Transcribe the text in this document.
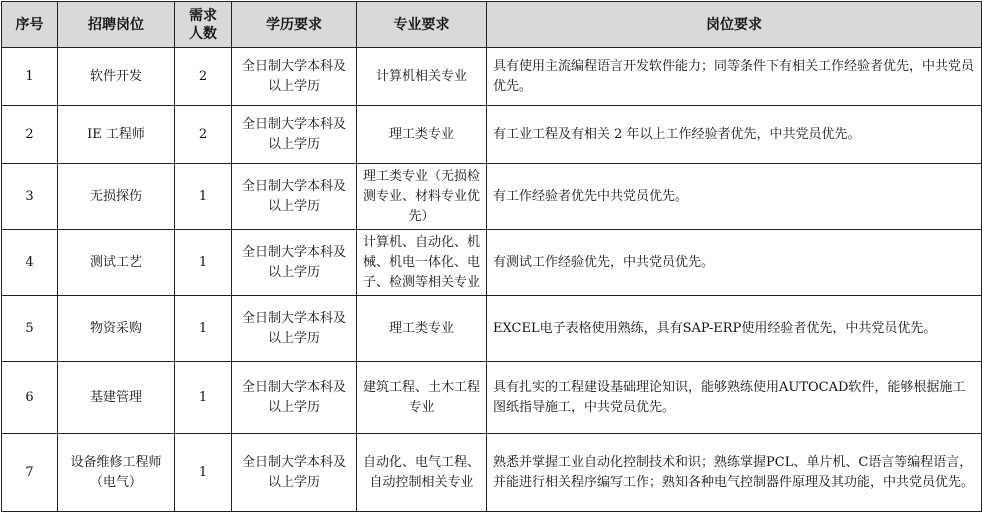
序号	招聘岗位	需求人数	学历要求	专业要求	岗位要求
1	软件开发	2	全日制大学本科及以上学历	计算机相关专业	具有使用主流编程语言开发软件能力；同等条件下有相关工作经验者优先，中共党员优先。
2	IE 工程师	2	全日制大学本科及以上学历	理工类专业	有工业工程及有相关 2 年以上工作经验者优先，中共党员优先。
3	无损探伤	1	全日制大学本科及以上学历	理工类专业（无损检测专业、材料专业优先）	有工作经验者优先中共党员优先。
4	测试工艺	1	全日制大学本科及以上学历	计算机、自动化、机械、机电一体化、电子、检测等相关专业	有测试工作经验优先，中共党员优先。
5	物资采购	1	全日制大学本科及以上学历	理工类专业	EXCEL电子表格使用熟练，具有SAP-ERP使用经验者优先，中共党员优先。
6	基建管理	1	全日制大学本科及以上学历	建筑工程、土木工程专业	具有扎实的工程建设基础理论知识，能够熟练使用AUTOCAD软件，能够根据施工图纸指导施工，中共党员优先。
7	设备维修工程师（电气）	1	全日制大学本科及以上学历	自动化、电气工程、自动控制相关专业	熟悉并掌握工业自动化控制技术和识；熟练掌握PCL、单片机、C语言等编程语言，并能进行相关程序编写工作；熟知各种电气控制器件原理及其功能，中共党员优先。
